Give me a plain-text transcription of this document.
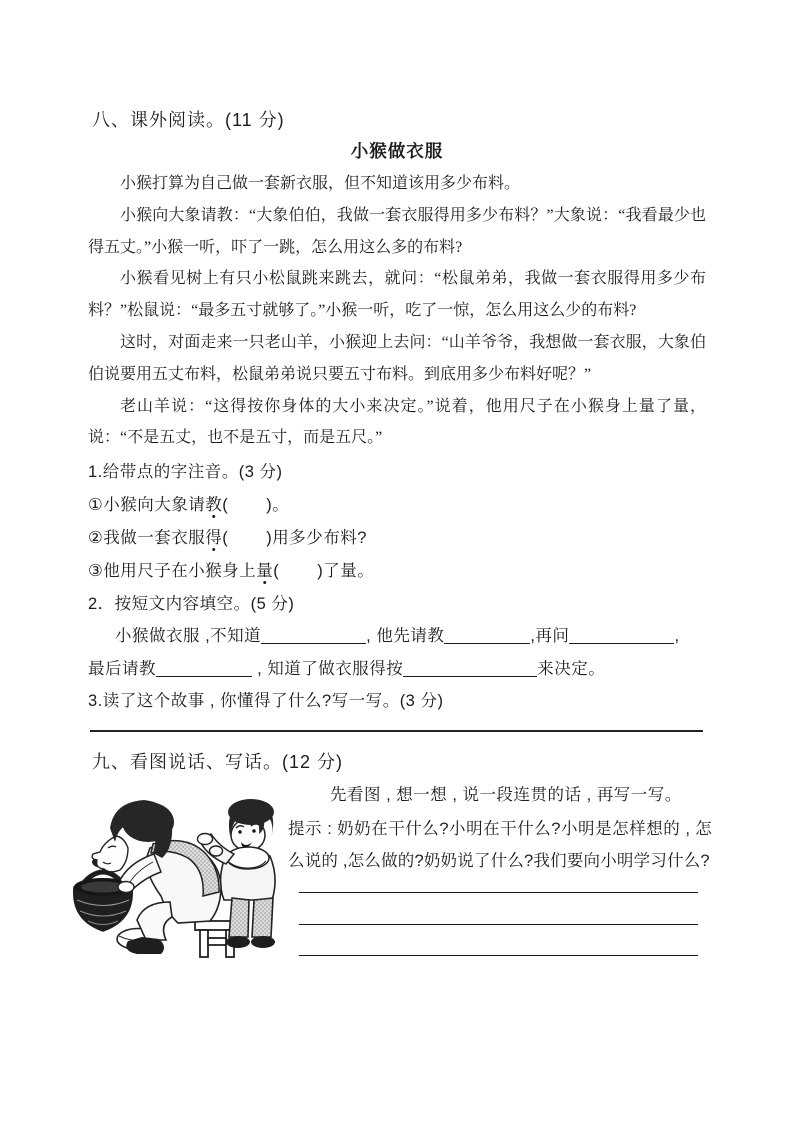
八、课外阅读。(11 分)
小猴做衣服

小猴打算为自己做一套新衣服，但不知道该用多少布料。

小猴向大象请教：“大象伯伯，我做一套衣服得用多少布料？”大象说：“我看最少也得五丈。”小猴一听，吓了一跳，怎么用这么多的布料?

小猴看见树上有只小松鼠跳来跳去，就问：“松鼠弟弟，我做一套衣服得用多少布料？”松鼠说：“最多五寸就够了。”小猴一听，吃了一惊，怎么用这么少的布料?

这时，对面走来一只老山羊，小猴迎上去问：“山羊爷爷，我想做一套衣服，大象伯伯说要用五丈布料，松鼠弟弟说只要五寸布料。到底用多少布料好呢？”

老山羊说：“这得按你身体的大小来决定。”说着，他用尺子在小猴身上量了量，说：“不是五丈，也不是五寸，而是五尺。”

1.给带点的字注音。(3 分)
①小猴向大象请教( )。
②我做一套衣服得( )用多少布料?
③他用尺子在小猴身上量( )了量。
2．按短文内容填空。(5 分)
小猴做衣服 ,不知道	, 他先请教	,再问	,
最后请教	, 知道了做衣服得按	来决定。
3.读了这个故事 , 你懂得了什么?写一写。(3 分)
九、看图说话、写话。(12 分)
先看图 , 想一想 , 说一段连贯的话 , 再写一写。
提示 : 奶奶在干什么?小明在干什么?小明是怎样想的 , 怎么说的 ,怎么做的?奶奶说了什么?我们要向小明学习什么?
